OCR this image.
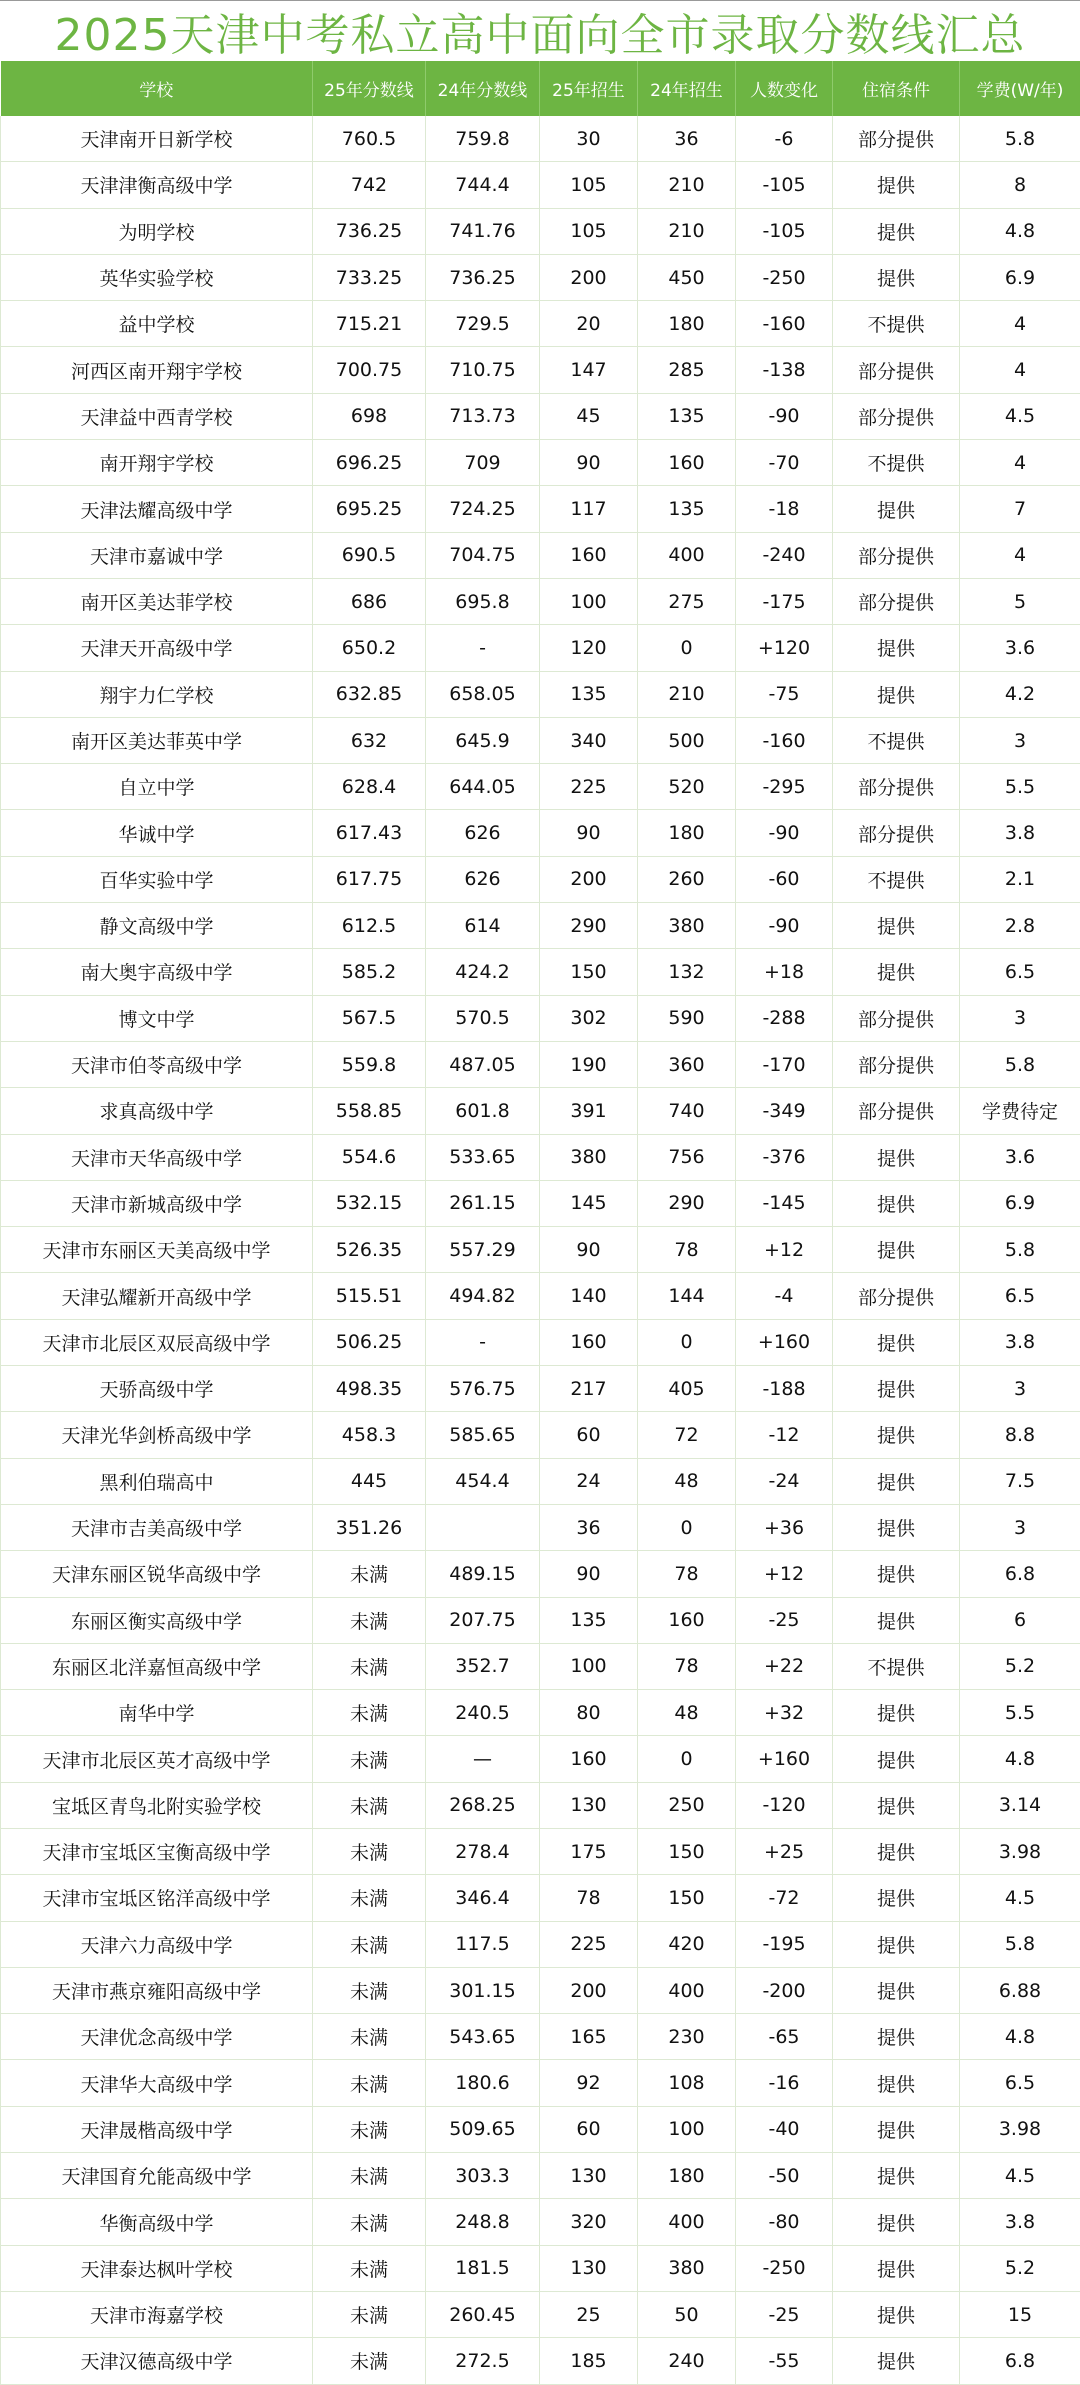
2025天津中考私立高中面向全市录取分数线汇总
学校	25年分数线	24年分数线	25年招生	24年招生	人数变化	住宿条件	学费(W/年)
天津南开日新学校	760.5	759.8	30	36	-6	部分提供	5.8
天津津衡高级中学	742	744.4	105	210	-105	提供	8
为明学校	736.25	741.76	105	210	-105	提供	4.8
英华实验学校	733.25	736.25	200	450	-250	提供	6.9
益中学校	715.21	729.5	20	180	-160	不提供	4
河西区南开翔宇学校	700.75	710.75	147	285	-138	部分提供	4
天津益中西青学校	698	713.73	45	135	-90	部分提供	4.5
南开翔宇学校	696.25	709	90	160	-70	不提供	4
天津法耀高级中学	695.25	724.25	117	135	-18	提供	7
天津市嘉诚中学	690.5	704.75	160	400	-240	部分提供	4
南开区美达菲学校	686	695.8	100	275	-175	部分提供	5
天津天开高级中学	650.2	-	120	0	+120	提供	3.6
翔宇力仁学校	632.85	658.05	135	210	-75	提供	4.2
南开区美达菲英中学	632	645.9	340	500	-160	不提供	3
自立中学	628.4	644.05	225	520	-295	部分提供	5.5
华诚中学	617.43	626	90	180	-90	部分提供	3.8
百华实验中学	617.75	626	200	260	-60	不提供	2.1
静文高级中学	612.5	614	290	380	-90	提供	2.8
南大奥宇高级中学	585.2	424.2	150	132	+18	提供	6.5
博文中学	567.5	570.5	302	590	-288	部分提供	3
天津市伯苓高级中学	559.8	487.05	190	360	-170	部分提供	5.8
求真高级中学	558.85	601.8	391	740	-349	部分提供	学费待定
天津市天华高级中学	554.6	533.65	380	756	-376	提供	3.6
天津市新城高级中学	532.15	261.15	145	290	-145	提供	6.9
天津市东丽区天美高级中学	526.35	557.29	90	78	+12	提供	5.8
天津弘耀新开高级中学	515.51	494.82	140	144	-4	部分提供	6.5
天津市北辰区双辰高级中学	506.25	-	160	0	+160	提供	3.8
天骄高级中学	498.35	576.75	217	405	-188	提供	3
天津光华剑桥高级中学	458.3	585.65	60	72	-12	提供	8.8
黑利伯瑞高中	445	454.4	24	48	-24	提供	7.5
天津市吉美高级中学	351.26		36	0	+36	提供	3
天津东丽区锐华高级中学	未满	489.15	90	78	+12	提供	6.8
东丽区衡实高级中学	未满	207.75	135	160	-25	提供	6
东丽区北洋嘉恒高级中学	未满	352.7	100	78	+22	不提供	5.2
南华中学	未满	240.5	80	48	+32	提供	5.5
天津市北辰区英才高级中学	未满	—	160	0	+160	提供	4.8
宝坻区青鸟北附实验学校	未满	268.25	130	250	-120	提供	3.14
天津市宝坻区宝衡高级中学	未满	278.4	175	150	+25	提供	3.98
天津市宝坻区铭洋高级中学	未满	346.4	78	150	-72	提供	4.5
天津六力高级中学	未满	117.5	225	420	-195	提供	5.8
天津市燕京雍阳高级中学	未满	301.15	200	400	-200	提供	6.88
天津优念高级中学	未满	543.65	165	230	-65	提供	4.8
天津华大高级中学	未满	180.6	92	108	-16	提供	6.5
天津晟楷高级中学	未满	509.65	60	100	-40	提供	3.98
天津国育允能高级中学	未满	303.3	130	180	-50	提供	4.5
华衡高级中学	未满	248.8	320	400	-80	提供	3.8
天津泰达枫叶学校	未满	181.5	130	380	-250	提供	5.2
天津市海嘉学校	未满	260.45	25	50	-25	提供	15
天津汉德高级中学	未满	272.5	185	240	-55	提供	6.8
